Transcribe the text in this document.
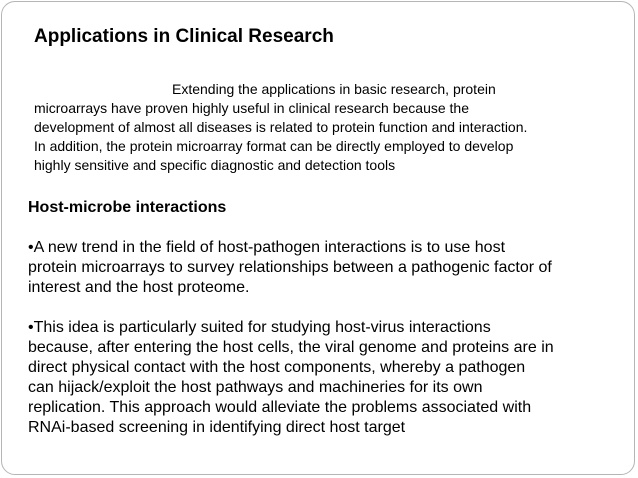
Applications in Clinical Research

Extending the applications in basic research, protein
microarrays have proven highly useful in clinical research because the
development of almost all diseases is related to protein function and interaction.
In addition, the protein microarray format can be directly employed to develop
highly sensitive and specific diagnostic and detection tools

Host-microbe interactions

•A new trend in the field of host-pathogen interactions is to use host
protein microarrays to survey relationships between a pathogenic factor of
interest and the host proteome.

•This idea is particularly suited for studying host-virus interactions
because, after entering the host cells, the viral genome and proteins are in
direct physical contact with the host components, whereby a pathogen
can hijack/exploit the host pathways and machineries for its own
replication. This approach would alleviate the problems associated with
RNAi-based screening in identifying direct host target
